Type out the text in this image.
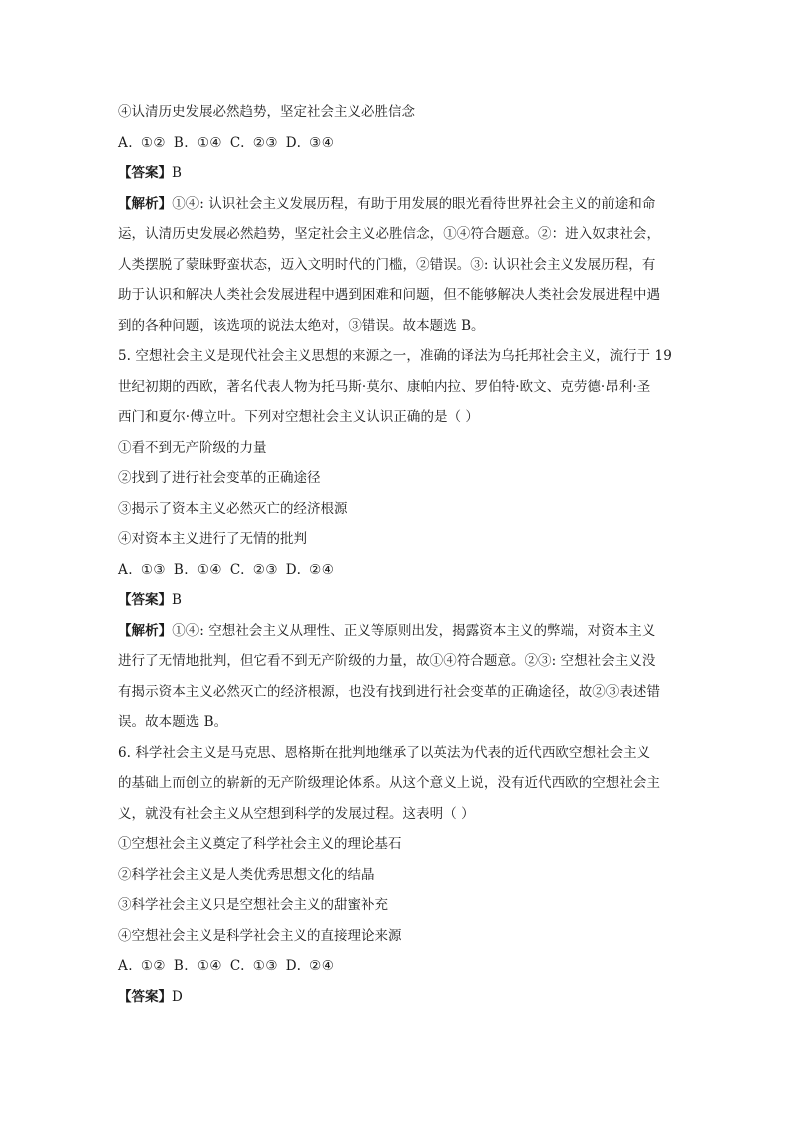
④认清历史发展必然趋势，坚定社会主义必胜信念
A. ①② B. ①④ C. ②③ D. ③④
【答案】B
【解析】①④: 认识社会主义发展历程，有助于用发展的眼光看待世界社会主义的前途和命
运，认清历史发展必然趋势，坚定社会主义必胜信念，①④符合题意。②：进入奴隶社会，
人类摆脱了蒙昧野蛮状态，迈入文明时代的门槛，②错误。③: 认识社会主义发展历程，有
助于认识和解决人类社会发展进程中遇到困难和问题，但不能够解决人类社会发展进程中遇
到的各种问题，该选项的说法太绝对，③错误。故本题选 B。
5. 空想社会主义是现代社会主义思想的来源之一，准确的译法为乌托邦社会主义，流行于 19
世纪初期的西欧，著名代表人物为托马斯·莫尔、康帕内拉、罗伯特·欧文、克劳德·昂利·圣
西门和夏尔·傅立叶。下列对空想社会主义认识正确的是（ ）
①看不到无产阶级的力量
②找到了进行社会变革的正确途径
③揭示了资本主义必然灭亡的经济根源
④对资本主义进行了无情的批判
A. ①③ B. ①④ C. ②③ D. ②④
【答案】B
【解析】①④: 空想社会主义从理性、正义等原则出发，揭露资本主义的弊端，对资本主义
进行了无情地批判，但它看不到无产阶级的力量，故①④符合题意。②③: 空想社会主义没
有揭示资本主义必然灭亡的经济根源，也没有找到进行社会变革的正确途径，故②③表述错
误。故本题选 B。
6. 科学社会主义是马克思、恩格斯在批判地继承了以英法为代表的近代西欧空想社会主义
的基础上而创立的崭新的无产阶级理论体系。从这个意义上说，没有近代西欧的空想社会主
义，就没有社会主义从空想到科学的发展过程。这表明（ ）
①空想社会主义奠定了科学社会主义的理论基石
②科学社会主义是人类优秀思想文化的结晶
③科学社会主义只是空想社会主义的甜蜜补充
④空想社会主义是科学社会主义的直接理论来源
A. ①② B. ①④ C. ①③ D. ②④
【答案】D
